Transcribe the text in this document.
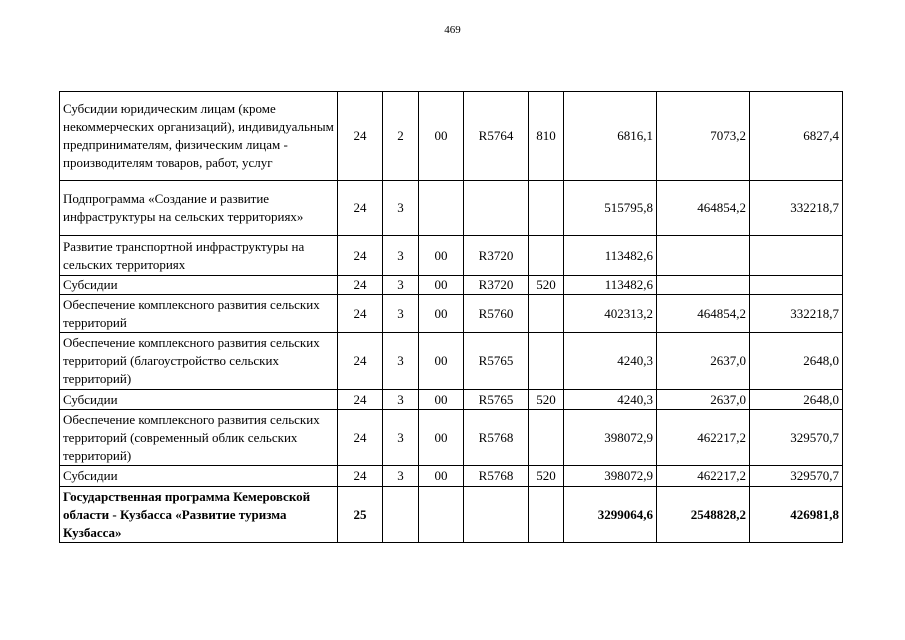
469
Субсидии юридическим лицам (кроме некоммерческих организаций), индивидуальным предпринимателям, физическим лицам - производителям товаров, работ, услуг	24	2	00	R5764	810	6816,1	7073,2	6827,4
Подпрограмма «Создание и развитие инфраструктуры на сельских территориях»	24	3				515795,8	464854,2	332218,7
Развитие транспортной инфраструктуры на сельских территориях	24	3	00	R3720		113482,6		
Субсидии	24	3	00	R3720	520	113482,6		
Обеспечение комплексного развития сельских территорий	24	3	00	R5760		402313,2	464854,2	332218,7
Обеспечение комплексного развития сельских территорий (благоустройство сельских территорий)	24	3	00	R5765		4240,3	2637,0	2648,0
Субсидии	24	3	00	R5765	520	4240,3	2637,0	2648,0
Обеспечение комплексного развития сельских территорий (современный облик сельских территорий)	24	3	00	R5768		398072,9	462217,2	329570,7
Субсидии	24	3	00	R5768	520	398072,9	462217,2	329570,7
Государственная программа Кемеровской области - Кузбасса «Развитие туризма Кузбасса»	25					3299064,6	2548828,2	426981,8
